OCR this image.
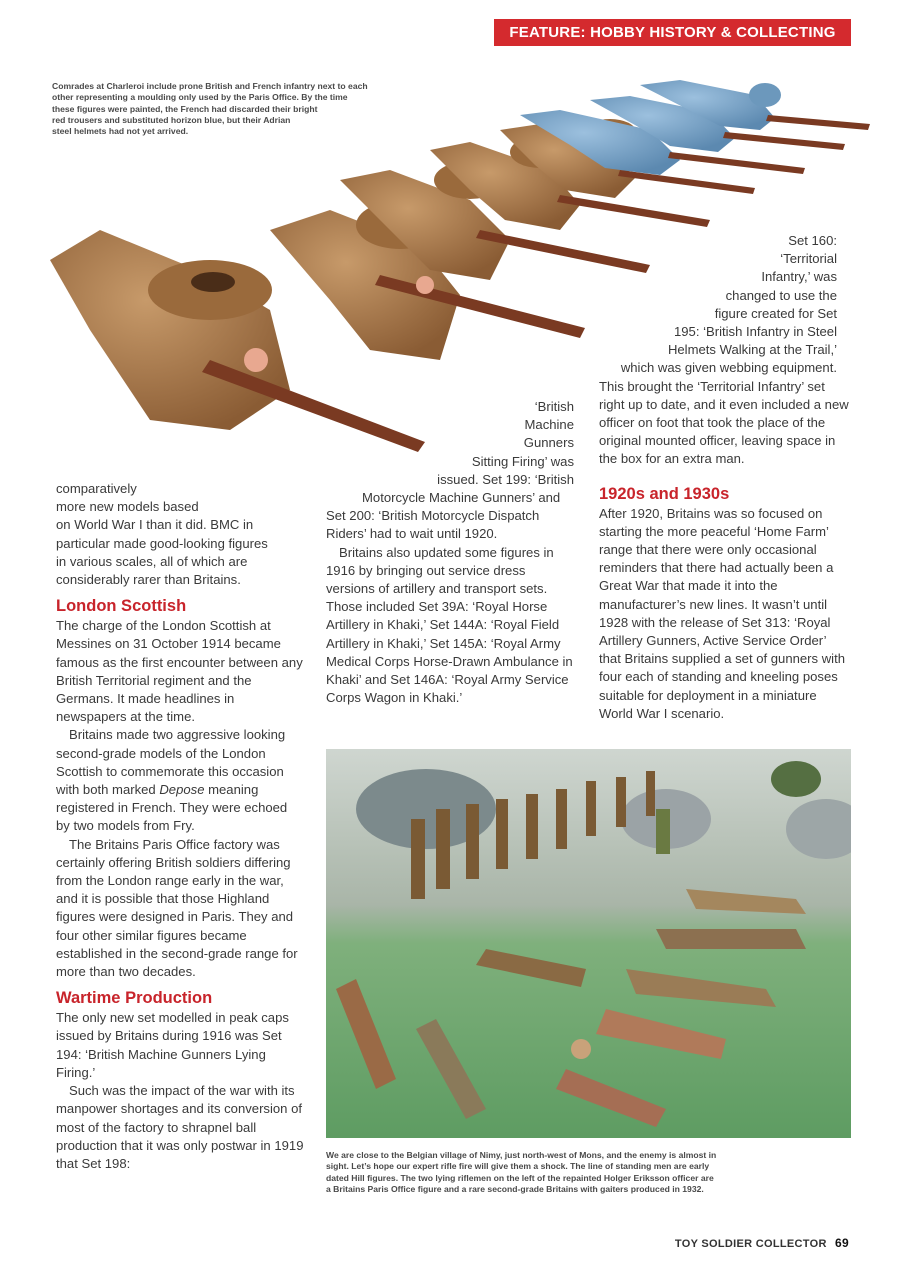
FEATURE: HOBBY HISTORY & COLLECTING
Comrades at Charleroi include prone British and French infantry next to each
other representing a moulding only used by the Paris Office. By the time
these figures were painted, the French had discarded their bright
red trousers and substituted horizon blue, but their Adrian
steel helmets had not yet arrived.
comparatively
more new models based
on World War I than it did. BMC in
particular made good-looking figures
in various scales, all of which are
considerably rarer than Britains.
London Scottish

The charge of the London Scottish at Messines on 31 October 1914 became famous as the first encounter between any British Territorial regiment and the Germans. It made headlines in newspapers at the time.

Britains made two aggressive looking second-grade models of the London Scottish to commemorate this occasion with both marked Depose meaning registered in French. They were echoed by two models from Fry.

The Britains Paris Office factory was certainly offering British soldiers differing from the London range early in the war, and it is possible that those Highland figures were designed in Paris. They and four other similar figures became established in the second-grade range for more than two decades.

Wartime Production

The only new set modelled in peak caps issued by Britains during 1916 was Set 194: ‘British Machine Gunners Lying Firing.’

Such was the impact of the war with its manpower shortages and its conversion of most of the factory to shrapnel ball production that it was only postwar in 1919 that Set 198:

‘British
Machine
Gunners
Sitting Firing’ was
issued. Set 199: ‘British

Motorcycle Machine Gunners’ and Set 200: ‘British Motorcycle Dispatch Riders’ had to wait until 1920.

Britains also updated some figures in 1916 by bringing out service dress versions of artillery and transport sets. Those included Set 39A: ‘Royal Horse Artillery in Khaki,’ Set 144A: ‘Royal Field Artillery in Khaki,’ Set 145A: ‘Royal Army Medical Corps Horse-Drawn Ambulance in Khaki’ and Set 146A: ‘Royal Army Service Corps Wagon in Khaki.’

Set 160:
‘Territorial
Infantry,’ was
changed to use the
figure created for Set
195: ‘British Infantry in Steel
Helmets Walking at the Trail,’
which was given webbing equipment.

This brought the ‘Territorial Infantry’ set right up to date, and it even included a new officer on foot that took the place of the original mounted officer, leaving space in the box for an extra man.

1920s and 1930s

After 1920, Britains was so focused on starting the more peaceful ‘Home Farm’ range that there were only occasional reminders that there had actually been a Great War that made it into the manufacturer’s new lines. It wasn’t until 1928 with the release of Set 313: ‘Royal Artillery Gunners, Active Service Order’ that Britains supplied a set of gunners with four each of standing and kneeling poses suitable for deployment in a miniature World War I scenario.

We are close to the Belgian village of Nimy, just north-west of Mons, and the enemy is almost in
sight. Let’s hope our expert rifle fire will give them a shock. The line of standing men are early
dated Hill figures. The two lying riflemen on the left of the repainted Holger Eriksson officer are
a Britains Paris Office figure and a rare second-grade Britains with gaiters produced in 1932.
TOY SOLDIER COLLECTOR 69
